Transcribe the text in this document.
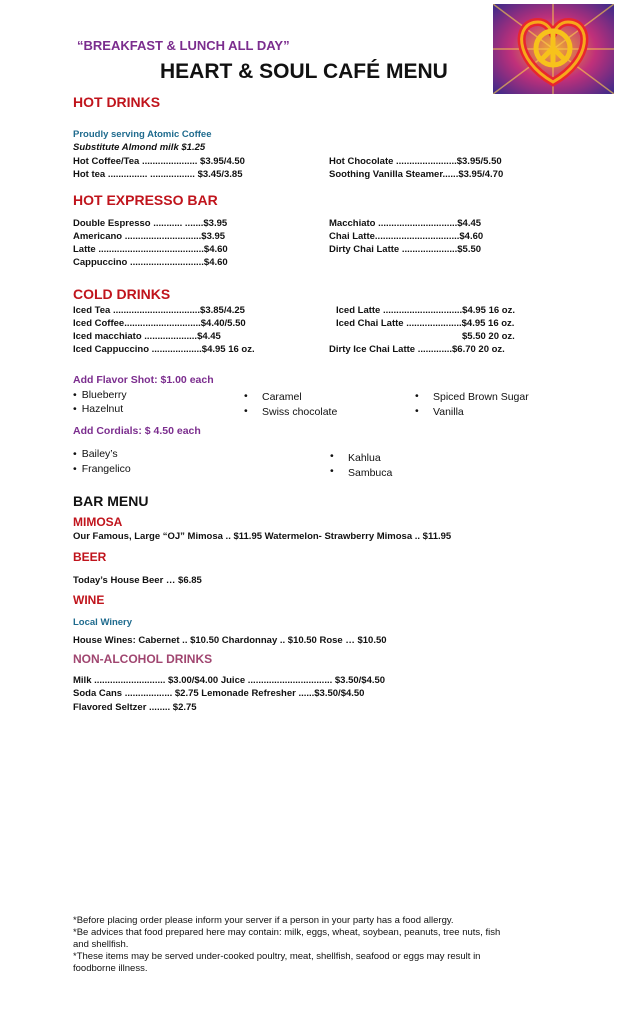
“BREAKFAST & LUNCH ALL DAY”
HEART & SOUL CAFÉ MENU
HOT DRINKS
Proudly serving Atomic Coffee
Substitute Almond milk $1.25
Hot Coffee/Tea ..................... $3.95/4.50
Hot tea ............... ................. $3.45/3.85
Hot Chocolate .......................$3.95/5.50
Soothing Vanilla Steamer......$3.95/4.70
HOT EXPRESSO BAR
Double Espresso ........... .......$3.95
Americano .............................$3.95
Latte ........................................$4.60
Cappuccino ............................$4.60
Macchiato ..............................$4.45
Chai Latte................................$4.60
Dirty Chai Latte .....................$5.50
COLD DRINKS
Iced Tea .................................$3.85/4.25
Iced Coffee.............................$4.40/5.50
Iced macchiato ....................$4.45
Iced Cappuccino ...................$4.95 16 oz.
Iced Latte ..............................$4.95 16 oz.
Iced Chai Latte .....................$4.95 16 oz.
$5.50 20 oz.
Dirty Ice Chai Latte .............$6.70 20 oz.
Add Flavor Shot: $1.00 each
• Blueberry
• Hazelnut
• Caramel
• Swiss chocolate
• Spiced Brown Sugar
• Vanilla
Add Cordials: $ 4.50 each
• Bailey’s
• Frangelico
• Kahlua
• Sambuca
BAR MENU
MIMOSA
Our Famous, Large “OJ” Mimosa .. $11.95 Watermelon- Strawberry Mimosa .. $11.95
BEER
Today’s House Beer … $6.85
WINE
Local Winery
House Wines: Cabernet .. $10.50 Chardonnay .. $10.50 Rose … $10.50
NON-ALCOHOL DRINKS
Milk ........................... $3.00/$4.00 Juice ................................ $3.50/$4.50
Soda Cans .................. $2.75 Lemonade Refresher ......$3.50/$4.50
Flavored Seltzer ........ $2.75
*Before placing order please inform your server if a person in your party has a food allergy.
*Be advices that food prepared here may contain: milk, eggs, wheat, soybean, peanuts, tree nuts, fish
and shellfish.
*These items may be served under-cooked poultry, meat, shellfish, seafood or eggs may result in
foodborne illness.
